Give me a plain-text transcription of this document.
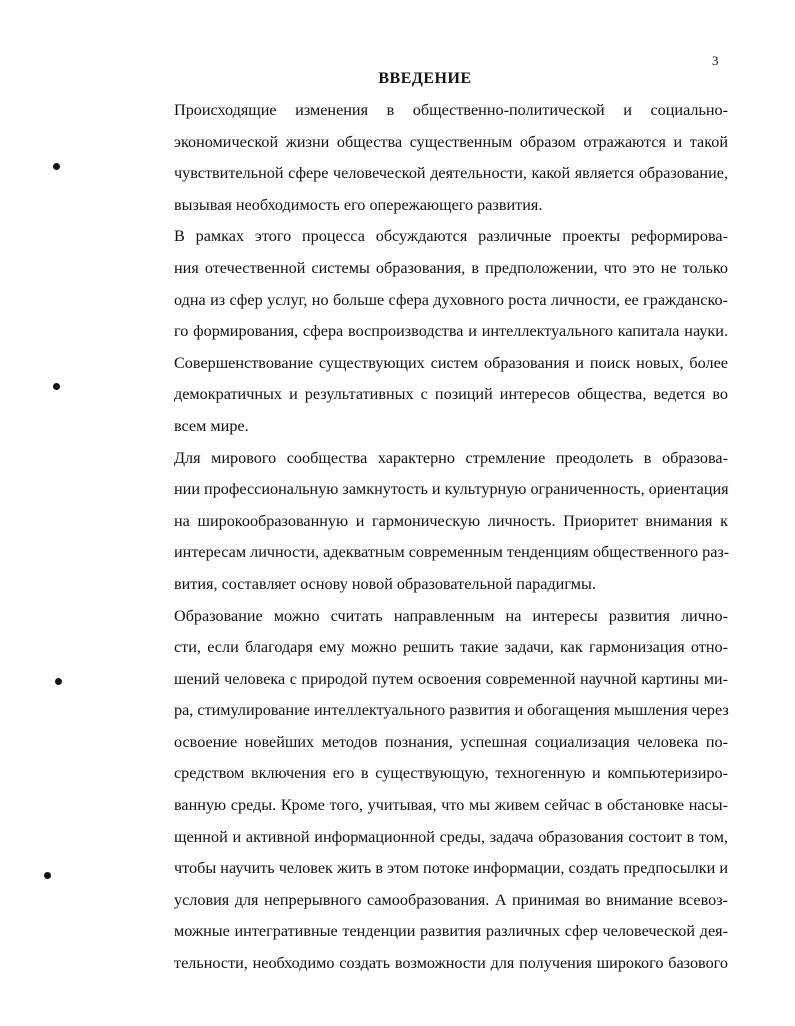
3
ВВЕДЕНИЕ

Происходящие изменения в общественно-политической и социально-
экономической жизни общества существенным образом отражаются и такой
чувствительной сфере человеческой деятельности, какой является образование,
вызывая необходимость его опережающего развития.

В рамках этого процесса обсуждаются различные проекты реформирова-
ния отечественной системы образования, в предположении, что это не только
одна из сфер услуг, но больше сфера духовного роста личности, ее гражданско-
го формирования, сфера воспроизводства и интеллектуального капитала науки.
Совершенствование существующих систем образования и поиск новых, более
демократичных и результативных с позиций интересов общества, ведется во
всем мире.

Для мирового сообщества характерно стремление преодолеть в образова-
нии профессиональную замкнутость и культурную ограниченность, ориентация
на широкообразованную и гармоническую личность. Приоритет внимания к
интересам личности, адекватным современным тенденциям общественного раз-
вития, составляет основу новой образовательной парадигмы.

Образование можно считать направленным на интересы развития лично-
сти, если благодаря ему можно решить такие задачи, как гармонизация отно-
шений человека с природой путем освоения современной научной картины ми-
ра, стимулирование интеллектуального развития и обогащения мышления через
освоение новейших методов познания, успешная социализация человека по-
средством включения его в существующую, техногенную и компьютеризиро-
ванную среды. Кроме того, учитывая, что мы живем сейчас в обстановке насы-
щенной и активной информационной среды, задача образования состоит в том,
чтобы научить человек жить в этом потоке информации, создать предпосылки и
условия для непрерывного самообразования. А принимая во внимание всевоз-
можные интегративные тенденции развития различных сфер человеческой дея-
тельности, необходимо создать возможности для получения широкого базового
